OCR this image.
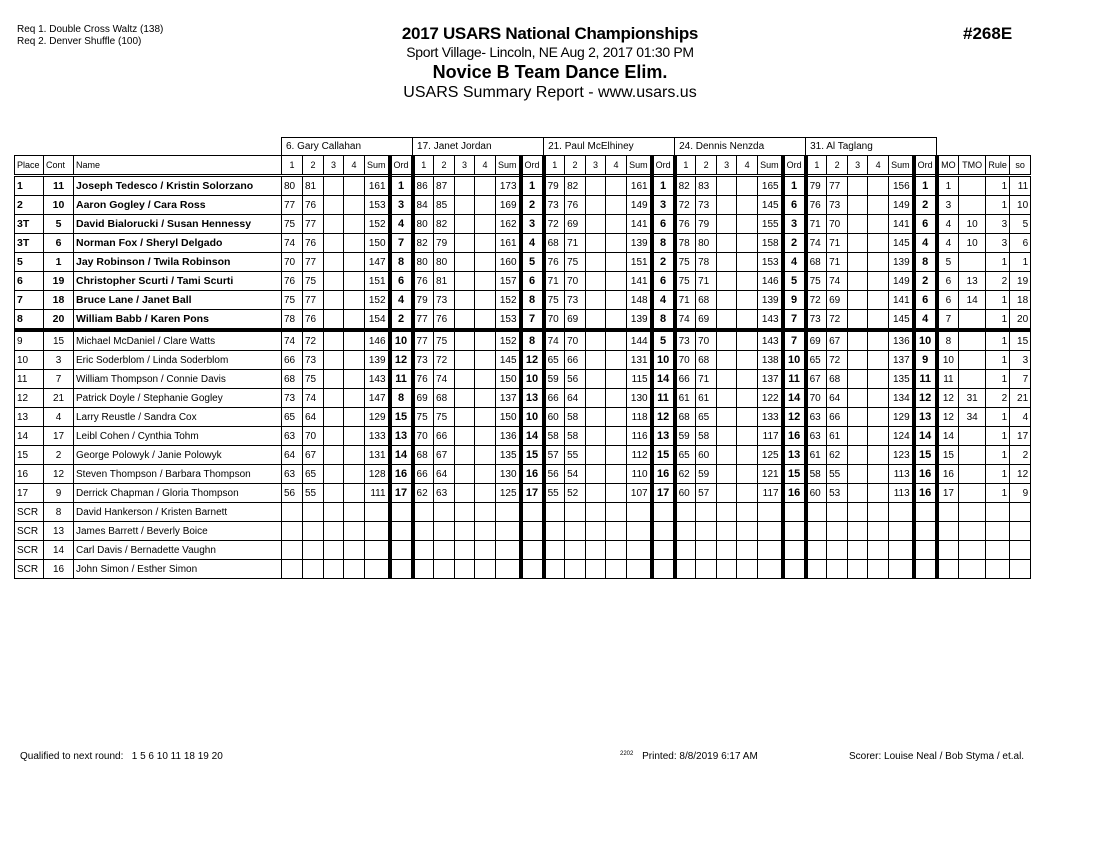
Req 1. Double Cross Waltz (138)
Req 2. Denver Shuffle (100)	2017 USARS National Championships
Sport Village- Lincoln, NE Aug 2, 2017 01:30 PM
Novice B Team Dance Elim.
USARS Summary Report - www.usars.us
#268E
			6. Gary Callahan						17. Janet Jordan						21. Paul McElhiney						24. Dennis Nenzda						31. Al Taglang									
Place	Cont	Name	1	2	3	4	Sum	Ord	1	2	3	4	Sum	Ord	1	2	3	4	Sum	Ord	1	2	3	4	Sum	Ord	1	2	3	4	Sum	Ord	MO	TMO	Rule	so
1	11	Joseph Tedesco / Kristin Solorzano	80	81			161	1	86	87			173	1	79	82			161	1	82	83			165	1	79	77			156	1	1		1	11
2	10	Aaron Gogley / Cara Ross	77	76			153	3	84	85			169	2	73	76			149	3	72	73			145	6	76	73			149	2	3		1	10
3T	5	David Bialorucki / Susan Hennessy	75	77			152	4	80	82			162	3	72	69			141	6	76	79			155	3	71	70			141	6	4	10	3	5
3T	6	Norman Fox / Sheryl Delgado	74	76			150	7	82	79			161	4	68	71			139	8	78	80			158	2	74	71			145	4	4	10	3	6
5	1	Jay Robinson / Twila Robinson	70	77			147	8	80	80			160	5	76	75			151	2	75	78			153	4	68	71			139	8	5		1	1
6	19	Christopher Scurti / Tami Scurti	76	75			151	6	76	81			157	6	71	70			141	6	75	71			146	5	75	74			149	2	6	13	2	19
7	18	Bruce Lane / Janet Ball	75	77			152	4	79	73			152	8	75	73			148	4	71	68			139	9	72	69			141	6	6	14	1	18
8	20	William Babb / Karen Pons	78	76			154	2	77	76			153	7	70	69			139	8	74	69			143	7	73	72			145	4	7		1	20
9	15	Michael McDaniel / Clare Watts	74	72			146	10	77	75			152	8	74	70			144	5	73	70			143	7	69	67			136	10	8		1	15
10	3	Eric Soderblom / Linda Soderblom	66	73			139	12	73	72			145	12	65	66			131	10	70	68			138	10	65	72			137	9	10		1	3
11	7	William Thompson / Connie Davis	68	75			143	11	76	74			150	10	59	56			115	14	66	71			137	11	67	68			135	11	11		1	7
12	21	Patrick Doyle / Stephanie Gogley	73	74			147	8	69	68			137	13	66	64			130	11	61	61			122	14	70	64			134	12	12	31	2	21
13	4	Larry Reustle / Sandra Cox	65	64			129	15	75	75			150	10	60	58			118	12	68	65			133	12	63	66			129	13	12	34	1	4
14	17	Leibl Cohen / Cynthia Tohm	63	70			133	13	70	66			136	14	58	58			116	13	59	58			117	16	63	61			124	14	14		1	17
15	2	George Polowyk / Janie Polowyk	64	67			131	14	68	67			135	15	57	55			112	15	65	60			125	13	61	62			123	15	15		1	2
16	12	Steven Thompson / Barbara Thompson	63	65			128	16	66	64			130	16	56	54			110	16	62	59			121	15	58	55			113	16	16		1	12
17	9	Derrick Chapman / Gloria Thompson	56	55			111	17	62	63			125	17	55	52			107	17	60	57			117	16	60	53			113	16	17		1	9
SCR	8	David Hankerson / Kristen Barnett																																		
SCR	13	James Barrett / Beverly Boice																																		
SCR	14	Carl Davis / Bernadette Vaughn																																		
SCR	16	John Simon / Esther Simon																																		
Qualified to next round: 1 5 6 10 11 18 19 20	$^{2202}$ Printed: 8/8/2019 6:17 AM	Scorer: Louise Neal / Bob Styma / et.al.
